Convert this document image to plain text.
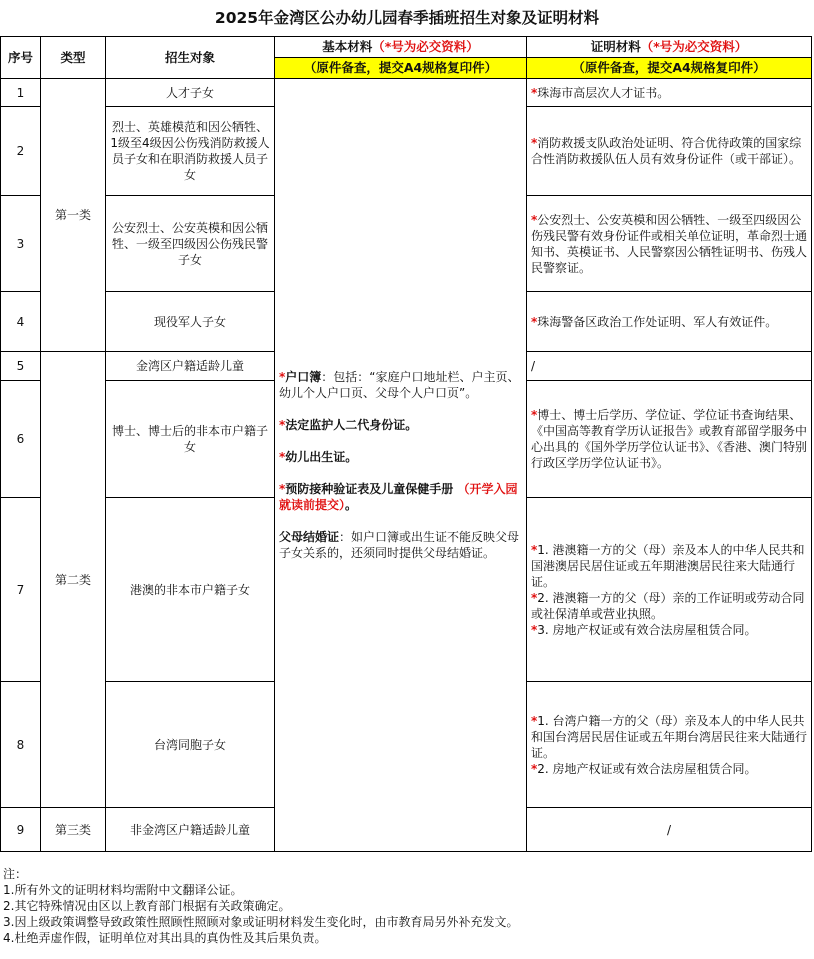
2025年金湾区公办幼儿园春季插班招生对象及证明材料
序号	类型	招生对象	基本材料（*号为必交资料）	证明材料（*号为必交资料）
			（原件备查，提交A4规格复印件）	（原件备查，提交A4规格复印件）
1	第一类	人才子女	*户口簿：包括：“家庭户口地址栏、户主页、幼儿个人户口页、父母个人户口页”。
*法定监护人二代身份证。
*幼儿出生证。
*预防接种验证表及儿童保健手册 （开学入园就读前提交）。
父母结婚证：如户口簿或出生证不能反映父母子女关系的，还须同时提供父母结婚证。	*珠海市高层次人才证书。
2		烈士、英雄模范和因公牺牲、1级至4级因公伤残消防救援人员子女和在职消防救援人员子女		*消防救援支队政治处证明、符合优待政策的国家综合性消防救援队伍人员有效身份证件（或干部证）。
3		公安烈士、公安英模和因公牺牲、一级至四级因公伤残民警子女		*公安烈士、公安英模和因公牺牲、一级至四级因公伤残民警有效身份证件或相关单位证明，革命烈士通知书、英模证书、人民警察因公牺牲证明书、伤残人民警察证。
4		现役军人子女		*珠海警备区政治工作处证明、军人有效证件。
5	第二类	金湾区户籍适龄儿童		/
6		博士、博士后的非本市户籍子女		*博士、博士后学历、学位证、学位证书查询结果、《中国高等教育学历认证报告》或教育部留学服务中心出具的《国外学历学位认证书》、《香港、澳门特别行政区学历学位认证书》。
7		港澳的非本市户籍子女		*1. 港澳籍一方的父（母）亲及本人的中华人民共和国港澳居民居住证或五年期港澳居民往来大陆通行证。
*2. 港澳籍一方的父（母）亲的工作证明或劳动合同或社保清单或营业执照。
*3. 房地产权证或有效合法房屋租赁合同。

8		台湾同胞子女		*1. 台湾户籍一方的父（母）亲及本人的中华人民共和国台湾居民居住证或五年期台湾居民往来大陆通行证。
*2. 房地产权证或有效合法房屋租赁合同。

9	第三类	非金湾区户籍适龄儿童		/
注：
1.所有外文的证明材料均需附中文翻译公证。
2.其它特殊情况由区以上教育部门根据有关政策确定。
3.因上级政策调整导致政策性照顾性照顾对象或证明材料发生变化时，由市教育局另外补充发文。
4.杜绝弄虚作假，证明单位对其出具的真伪性及其后果负责。
